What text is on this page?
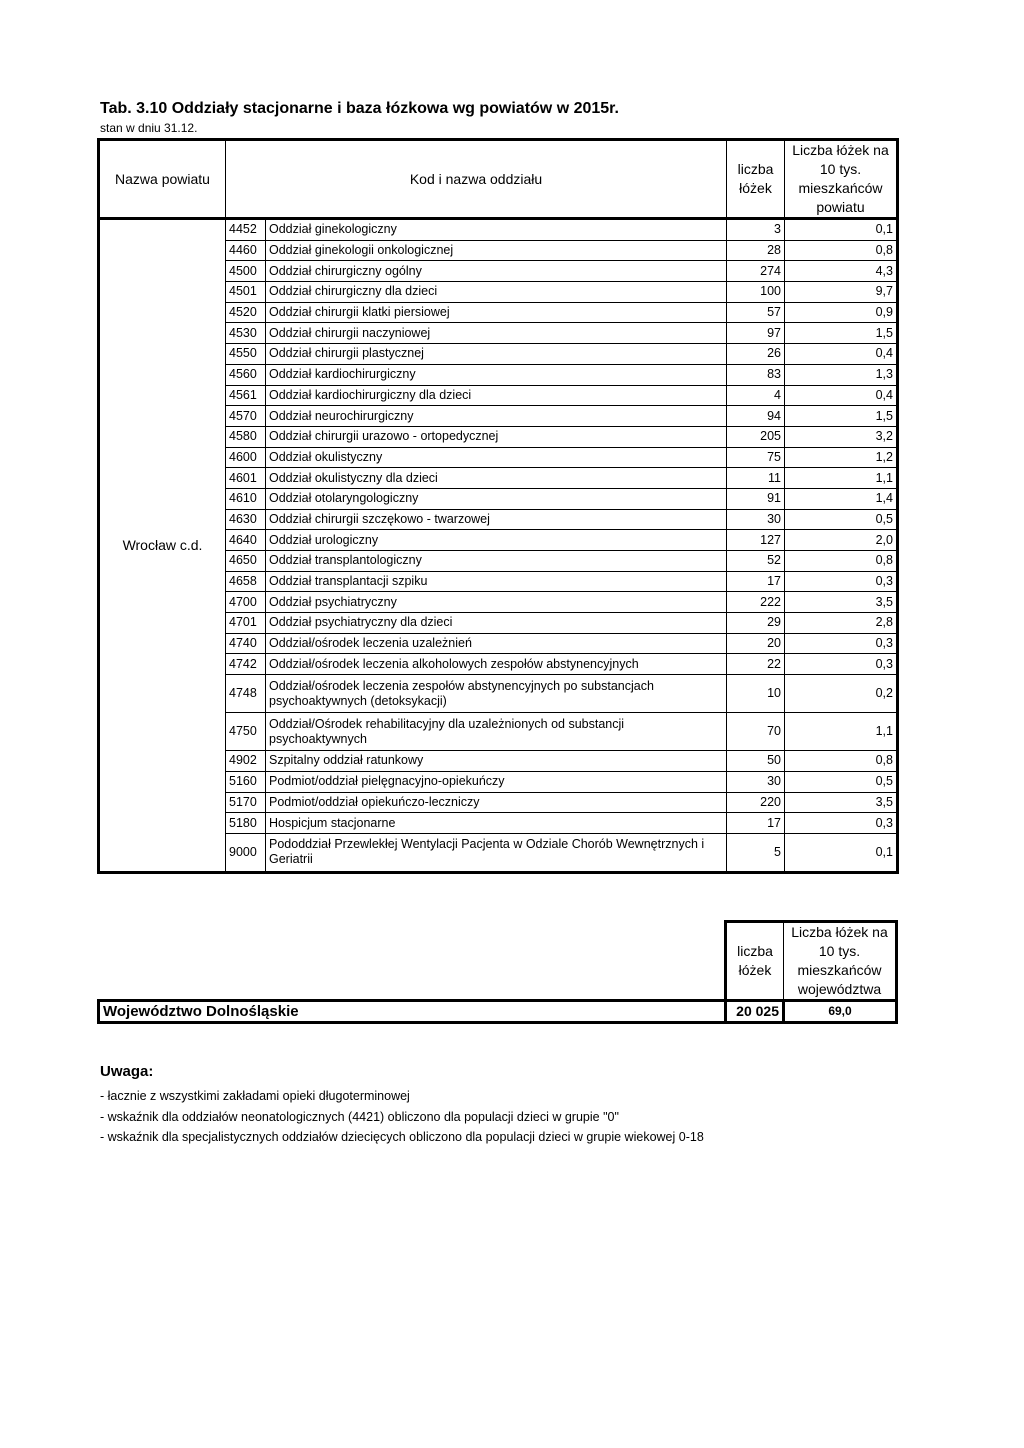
Tab. 3.10 Oddziały stacjonarne i baza łózkowa wg powiatów w 2015r.
stan w dniu 31.12.
Nazwa powiatu	Kod i nazwa oddziału		liczba łóżek	Liczba łóżek na 10 tys. mieszkańców powiatu
Wrocław c.d.	4452	Oddział ginekologiczny	3	0,1
	4460	Oddział ginekologii onkologicznej	28	0,8
	4500	Oddział chirurgiczny ogólny	274	4,3
	4501	Oddział chirurgiczny dla dzieci	100	9,7
	4520	Oddział chirurgii klatki piersiowej	57	0,9
	4530	Oddział chirurgii naczyniowej	97	1,5
	4550	Oddział chirurgii plastycznej	26	0,4
	4560	Oddział kardiochirurgiczny	83	1,3
	4561	Oddział kardiochirurgiczny dla dzieci	4	0,4
	4570	Oddział neurochirurgiczny	94	1,5
	4580	Oddział chirurgii urazowo - ortopedycznej	205	3,2
	4600	Oddział okulistyczny	75	1,2
	4601	Oddział okulistyczny dla dzieci	11	1,1
	4610	Oddział otolaryngologiczny	91	1,4
	4630	Oddział chirurgii szczękowo - twarzowej	30	0,5
	4640	Oddział urologiczny	127	2,0
	4650	Oddział transplantologiczny	52	0,8
	4658	Oddział transplantacji szpiku	17	0,3
	4700	Oddział psychiatryczny	222	3,5
	4701	Oddział psychiatryczny dla dzieci	29	2,8
	4740	Oddział/ośrodek leczenia uzależnień	20	0,3
	4742	Oddział/ośrodek leczenia alkoholowych zespołów abstynencyjnych	22	0,3
	4748	Oddział/ośrodek leczenia zespołów abstynencyjnych po substancjach psychoaktywnych (detoksykacji)	10	0,2
	4750	Oddział/Ośrodek rehabilitacyjny dla uzależnionych od substancji psychoaktywnych	70	1,1
	4902	Szpitalny oddział ratunkowy	50	0,8
	5160	Podmiot/oddział pielęgnacyjno-opiekuńczy	30	0,5
	5170	Podmiot/oddział opiekuńczo-leczniczy	220	3,5
	5180	Hospicjum stacjonarne	17	0,3
	9000	Pododdział Przewlekłej Wentylacji Pacjenta w Odziale Chorób Wewnętrznych i Geriatrii	5	0,1
	liczba łóżek	Liczba łóżek na 10 tys. mieszkańców województwa
Województwo Dolnośląskie	20 025	69,0
Uwaga:
- łacznie z wszystkimi zakładami opieki długoterminowej
- wskaźnik dla oddziałów neonatologicznych (4421) obliczono dla populacji dzieci w grupie "0"
- wskaźnik dla specjalistycznych oddziałów dziecięcych obliczono dla populacji dzieci w grupie wiekowej 0-18
